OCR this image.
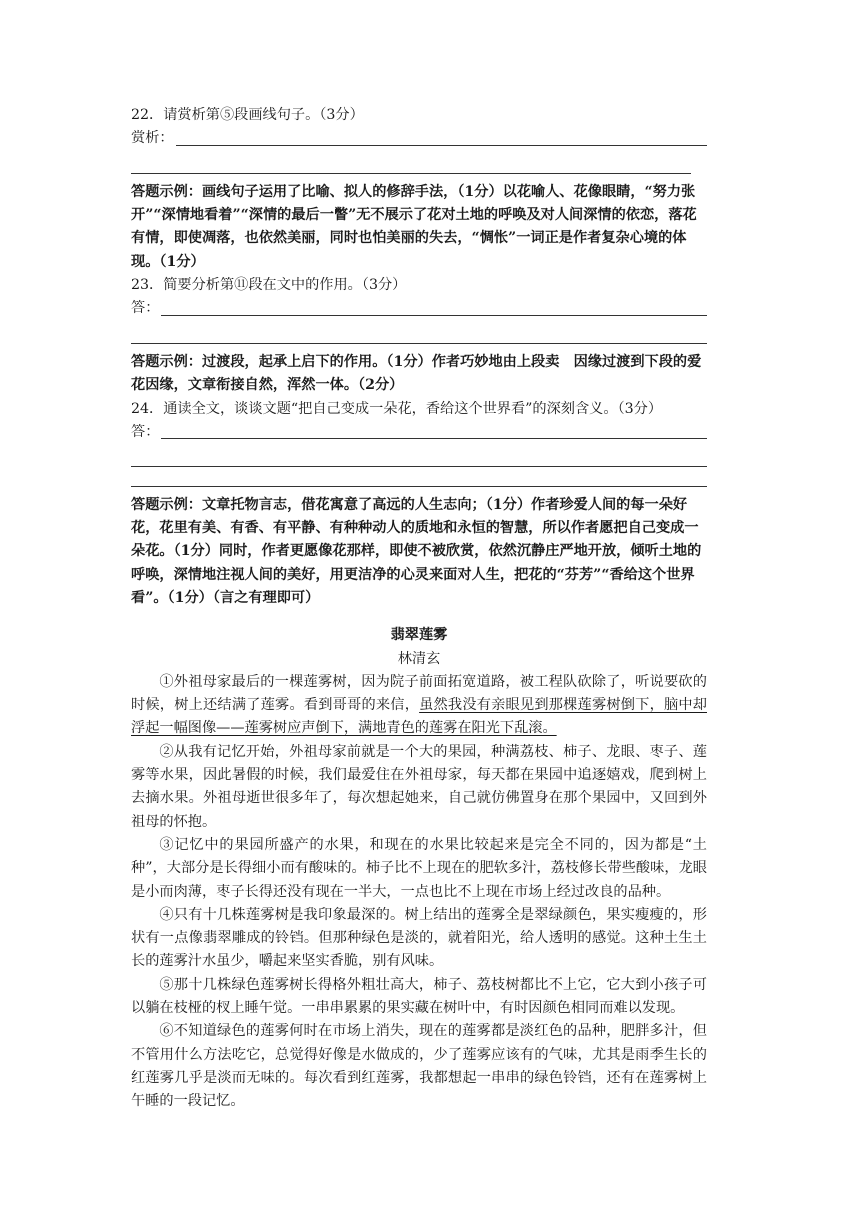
22．请赏析第⑤段画线句子。（3分）

赏析：

答题示例：画线句子运用了比喻、拟人的修辞手法，（1分）以花喻人、花像眼睛，“努力张开”“深情地看着”“深情的最后一瞥”无不展示了花对土地的呼唤及对人间深情的依恋，落花有情，即使凋落，也依然美丽，同时也怕美丽的失去，“惆怅”一词正是作者复杂心境的体现。（1分）

23．简要分析第⑪段在文中的作用。（3分）

答：

答题示例：过渡段，起承上启下的作用。（1分）作者巧妙地由上段卖　因缘过渡到下段的爱花因缘，文章衔接自然，浑然一体。（2分）

24．通读全文，谈谈文题“把自己变成一朵花，香给这个世界看”的深刻含义。（3分）

答：

答题示例：文章托物言志，借花寓意了高远的人生志向；（1分）作者珍爱人间的每一朵好花，花里有美、有香、有平静、有种种动人的质地和永恒的智慧，所以作者愿把自己变成一朵花。（1分）同时，作者更愿像花那样，即使不被欣赏，依然沉静庄严地开放，倾听土地的呼唤，深情地注视人间的美好，用更洁净的心灵来面对人生，把花的“芬芳”“香给这个世界看”。（1分）（言之有理即可）

翡翠莲雾
林清玄

①外祖母家最后的一棵莲雾树，因为院子前面拓宽道路，被工程队砍除了，听说要砍的时候，树上还结满了莲雾。看到哥哥的来信，虽然我没有亲眼见到那棵莲雾树倒下，脑中却浮起一幅图像——莲雾树应声倒下，满地青色的莲雾在阳光下乱滚。

②从我有记忆开始，外祖母家前就是一个大的果园，种满荔枝、柿子、龙眼、枣子、莲雾等水果，因此暑假的时候，我们最爱住在外祖母家，每天都在果园中追逐嬉戏，爬到树上去摘水果。外祖母逝世很多年了，每次想起她来，自己就仿佛置身在那个果园中，又回到外祖母的怀抱。

③记忆中的果园所盛产的水果，和现在的水果比较起来是完全不同的，因为都是“土种”，大部分是长得细小而有酸味的。柿子比不上现在的肥软多汁，荔枝修长带些酸味，龙眼是小而肉薄，枣子长得还没有现在一半大，一点也比不上现在市场上经过改良的品种。

④只有十几株莲雾树是我印象最深的。树上结出的莲雾全是翠绿颜色，果实瘦瘦的，形状有一点像翡翠雕成的铃铛。但那种绿色是淡的，就着阳光，给人透明的感觉。这种土生土长的莲雾汁水虽少，嚼起来坚实香脆，别有风味。

⑤那十几株绿色莲雾树长得格外粗壮高大，柿子、荔枝树都比不上它，它大到小孩子可以躺在枝桠的杈上睡午觉。一串串累累的果实藏在树叶中，有时因颜色相同而难以发现。

⑥不知道绿色的莲雾何时在市场上消失，现在的莲雾都是淡红色的品种，肥胖多汁，但不管用什么方法吃它，总觉得好像是水做成的，少了莲雾应该有的气味，尤其是雨季生长的红莲雾几乎是淡而无味的。每次看到红莲雾，我都想起一串串的绿色铃铛，还有在莲雾树上午睡的一段记忆。
